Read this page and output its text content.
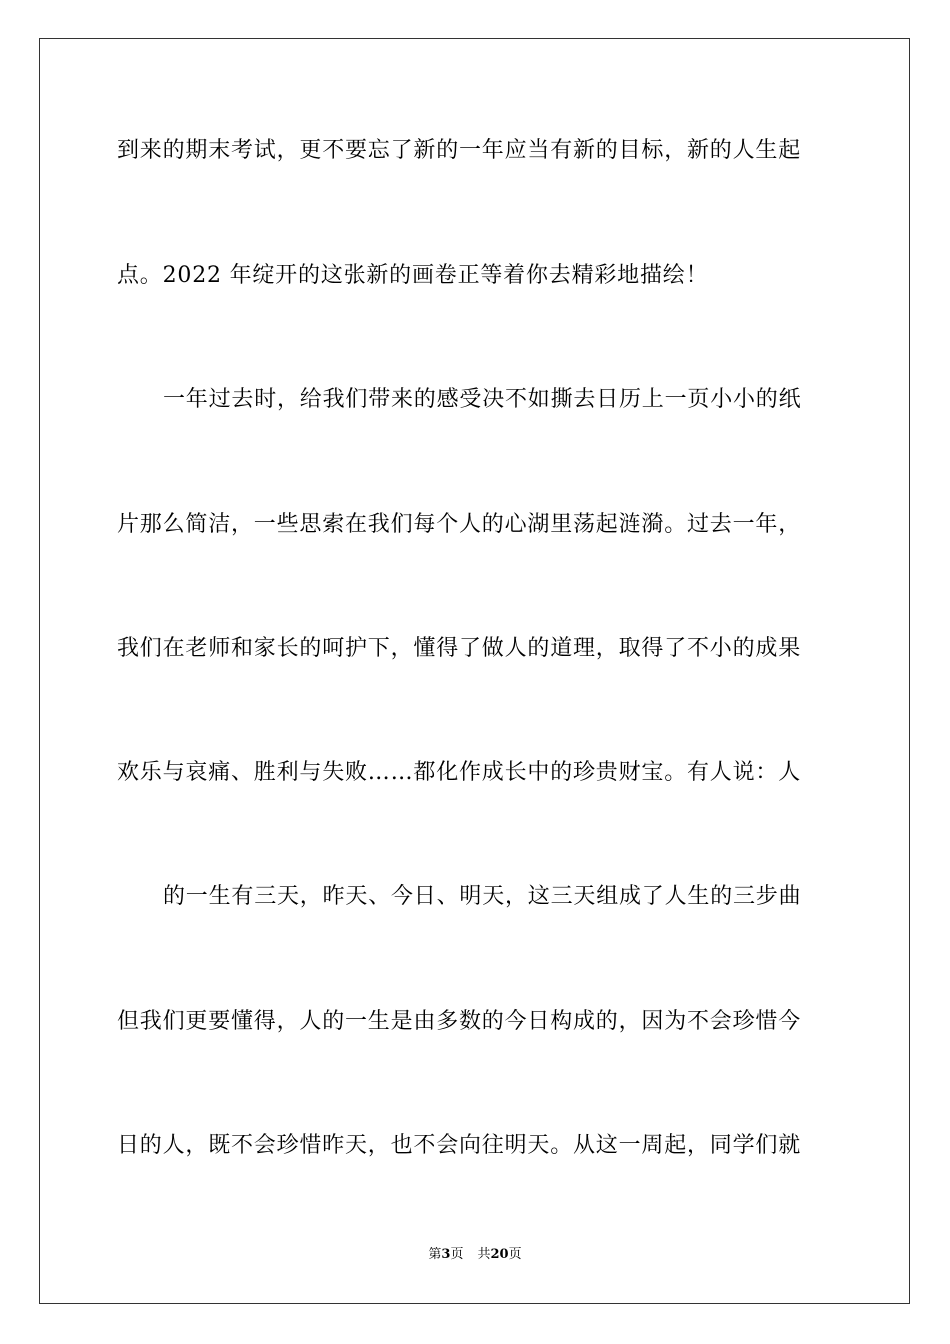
到来的期末考试，更不要忘了新的一年应当有新的目标，新的人生起
点。2022 年绽开的这张新的画卷正等着你去精彩地描绘！
一年过去时，给我们带来的感受决不如撕去日历上一页小小的纸
片那么简洁，一些思索在我们每个人的心湖里荡起涟漪。过去一年，
我们在老师和家长的呵护下，懂得了做人的道理，取得了不小的成果
欢乐与哀痛、胜利与失败……都化作成长中的珍贵财宝。有人说：人
的一生有三天，昨天、今日、明天，这三天组成了人生的三步曲
但我们更要懂得，人的一生是由多数的今日构成的，因为不会珍惜今
日的人，既不会珍惜昨天，也不会向往明天。从这一周起，同学们就
第3页 共20页
